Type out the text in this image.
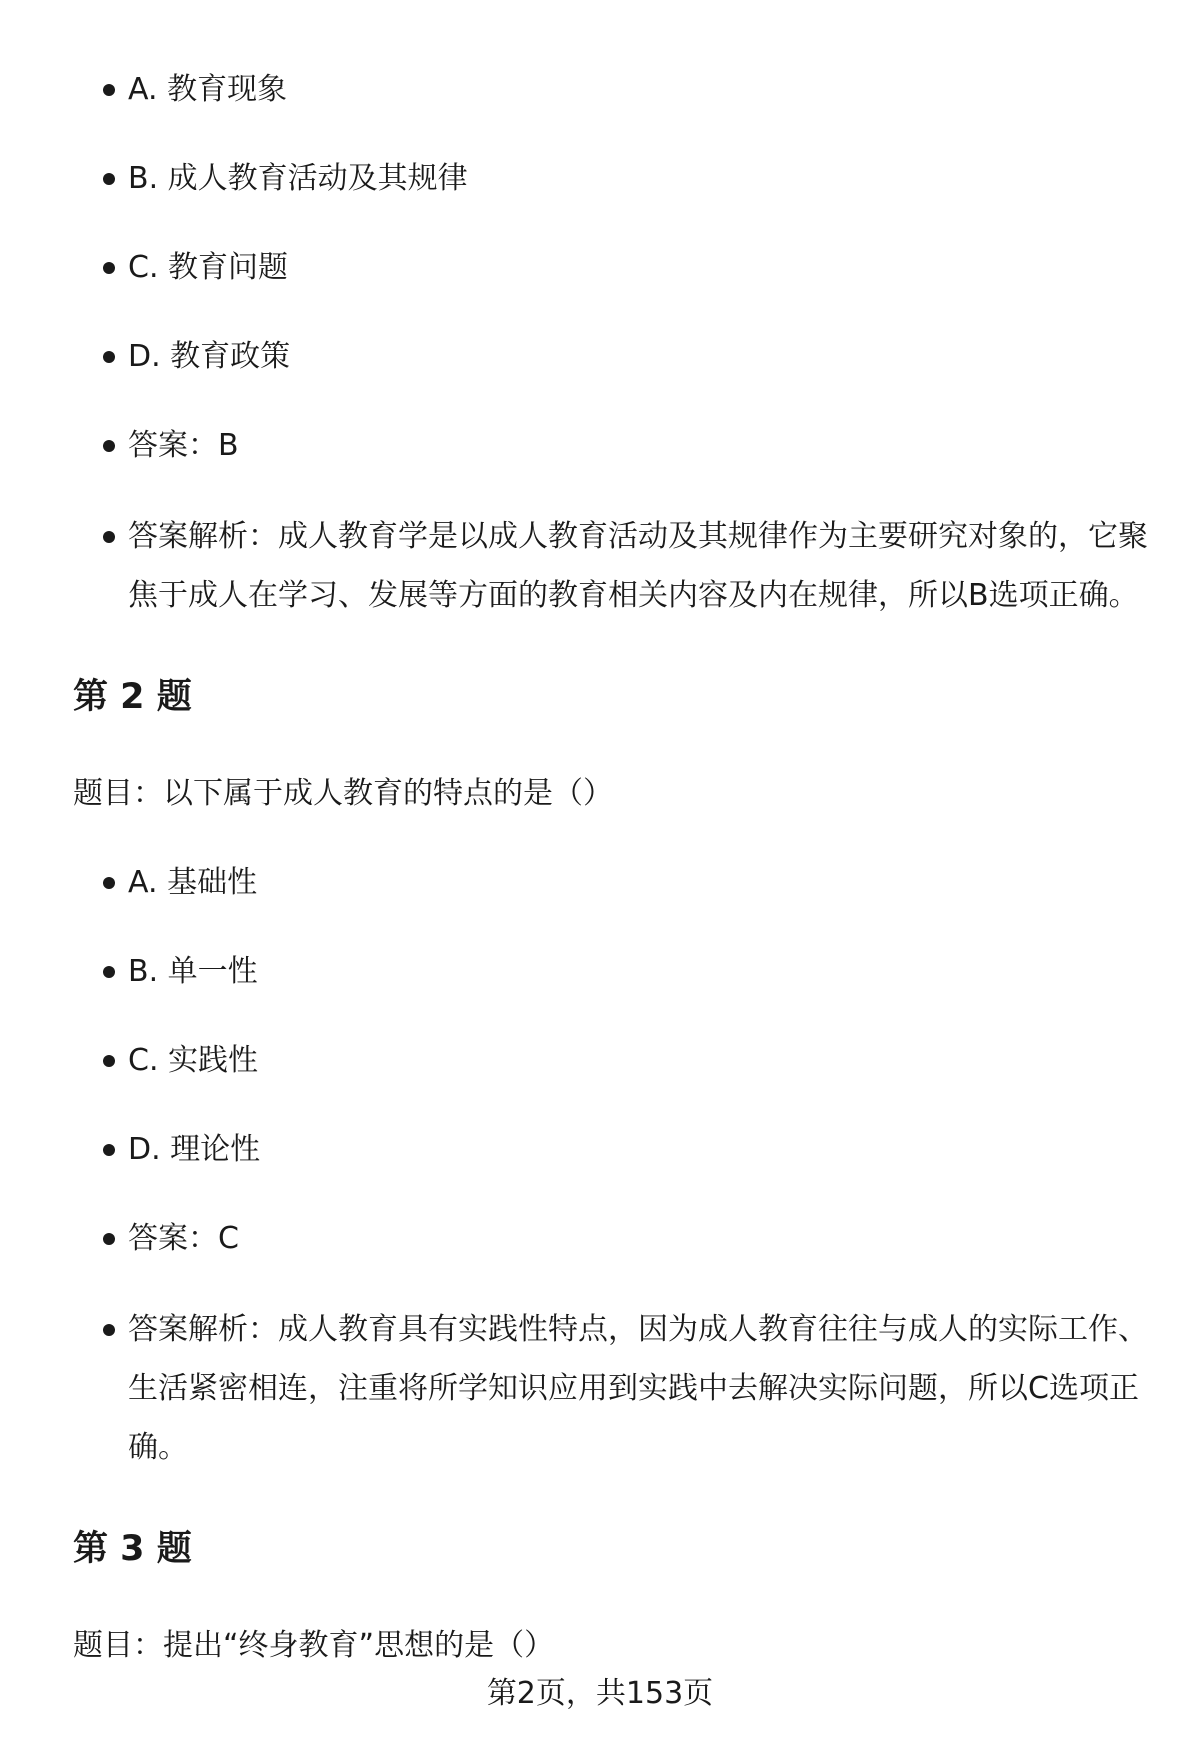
A. 教育现象
B. 成人教育活动及其规律
C. 教育问题
D. 教育政策
答案：B
答案解析：成人教育学是以成人教育活动及其规律作为主要研究对象的，它聚焦于成人在学习、发展等方面的教育相关内容及内在规律，所以B选项正确。
第 2 题
题目：以下属于成人教育的特点的是（）
A. 基础性
B. 单一性
C. 实践性
D. 理论性
答案：C
答案解析：成人教育具有实践性特点，因为成人教育往往与成人的实际工作、生活紧密相连，注重将所学知识应用到实践中去解决实际问题，所以C选项正确。
第 3 题
题目：提出“终身教育”思想的是（）
第2页，共153页
